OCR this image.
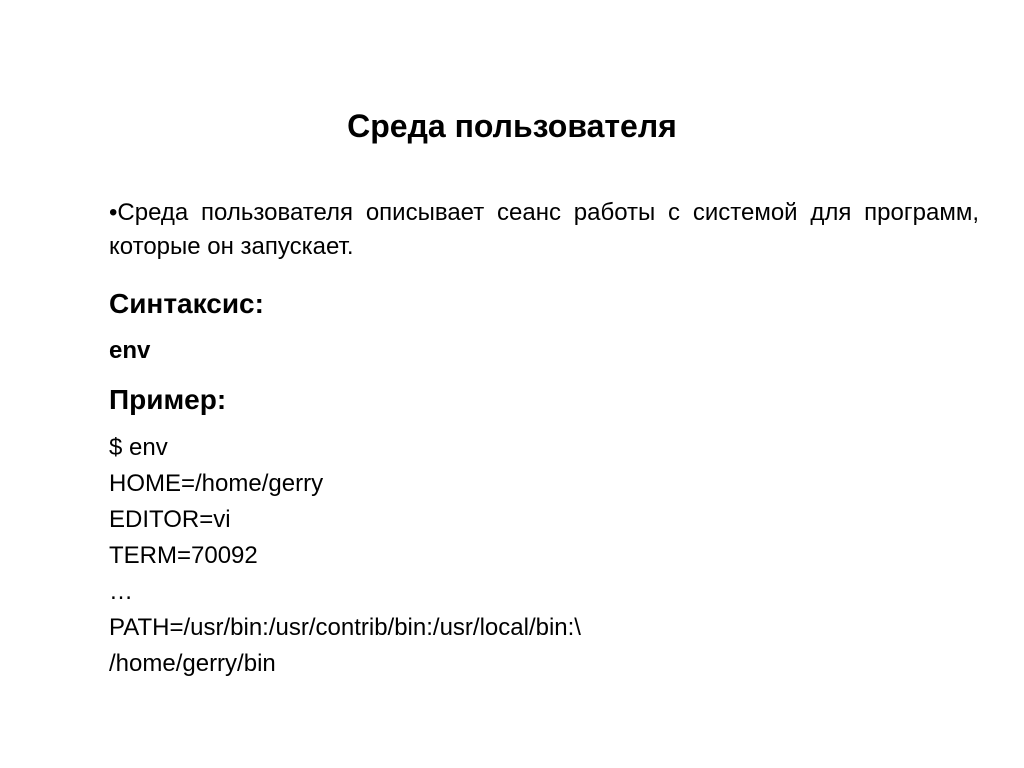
Среда пользователя

•Среда пользователя описывает сеанс работы с системой для программ, которые он запускает.

Синтаксис:

env

Пример:

$ env
HOME=/home/gerry
EDITOR=vi
TERM=70092
…
PATH=/usr/bin:/usr/contrib/bin:/usr/local/bin:\
/home/gerry/bin
